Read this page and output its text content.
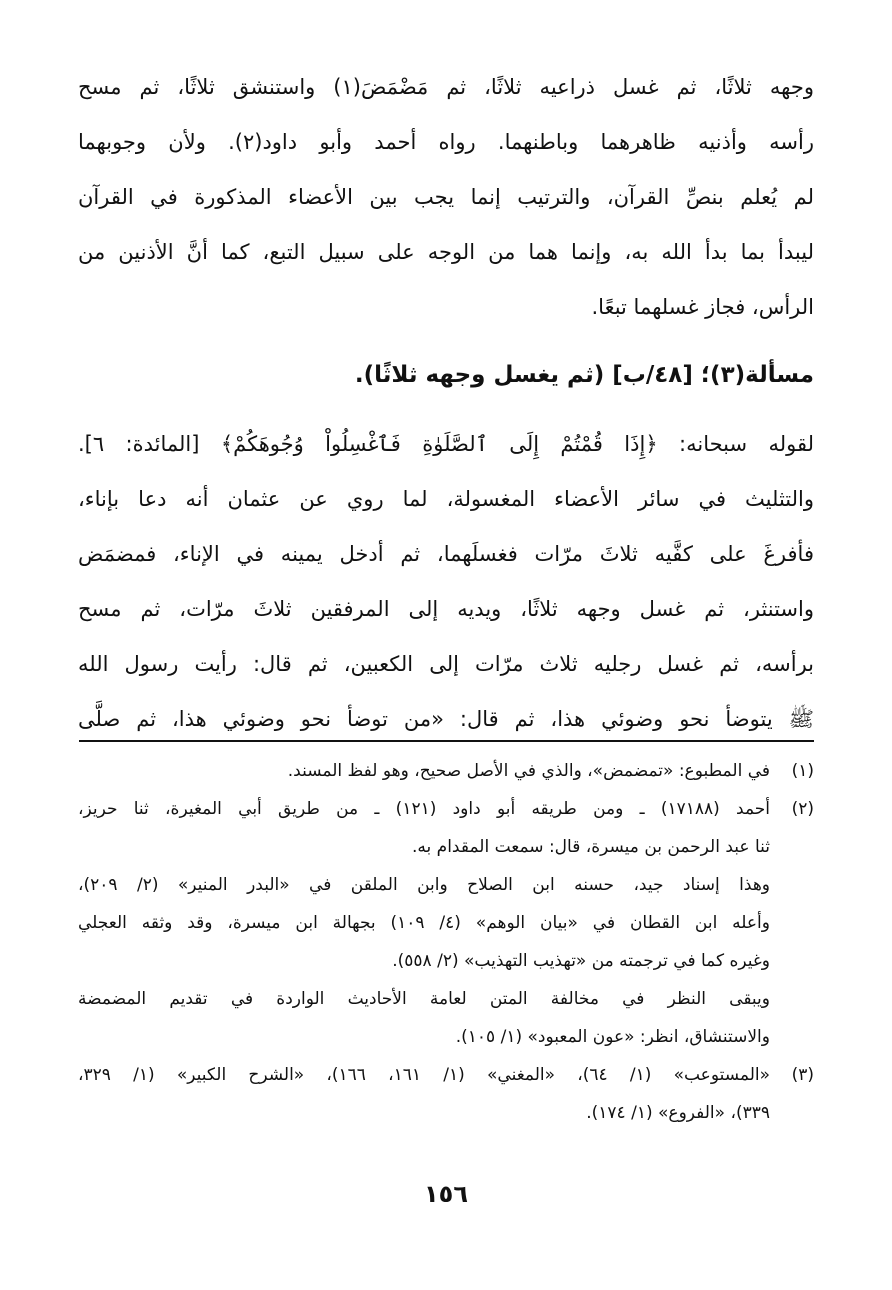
وجهه ثلاثًا، ثم غسل ذراعيه ثلاثًا، ثم مَضْمَضَ(١) واستنشق ثلاثًا، ثم مسح
رأسه وأذنيه ظاهرهما وباطنهما. رواه أحمد وأبو داود(٢). ولأن وجوبهما
لم يُعلم بنصِّ القرآن، والترتيب إنما يجب بين الأعضاء المذكورة في القرآن
ليبدأ بما بدأ الله به، وإنما هما من الوجه على سبيل التبع، كما أنَّ الأذنين من
الرأس، فجاز غسلهما تبعًا.
مسألة(٣)؛ [٤٨/ب] (ثم يغسل وجهه ثلاثًا).
لقوله سبحانه: ﴿إِذَا قُمْتُمْ إِلَى ٱلصَّلَوٰةِ فَٱغْسِلُواْ وُجُوهَكُمْ﴾ [المائدة: ٦].
والتثليث في سائر الأعضاء المغسولة، لما روي عن عثمان أنه دعا بإناء،
فأفرغَ على كفَّيه ثلاثَ مرّات فغسلَهما، ثم أدخل يمينه في الإناء، فمضمَض
واستنثر، ثم غسل وجهه ثلاثًا، ويديه إلى المرفقين ثلاثَ مرّات، ثم مسح
برأسه، ثم غسل رجليه ثلاث مرّات إلى الكعبين، ثم قال: رأيت رسول الله
ﷺ يتوضأ نحو وضوئي هذا، ثم قال: «من توضأ نحو وضوئي هذا، ثم صلَّى
(١)في المطبوع: «تمضمض»، والذي في الأصل صحيح، وهو لفظ المسند.
(٢)أحمد (١٧١٨٨) ـ ومن طريقه أبو داود (١٢١) ـ من طريق أبي المغيرة، ثنا حريز،
ثنا عبد الرحمن بن ميسرة، قال: سمعت المقدام به.
وهذا إسناد جيد، حسنه ابن الصلاح وابن الملقن في «البدر المنير» (٢/ ٢٠٩)،
وأعله ابن القطان في «بيان الوهم» (٤/ ١٠٩) بجهالة ابن ميسرة، وقد وثقه العجلي
وغيره كما في ترجمته من «تهذيب التهذيب» (٢/ ٥٥٨).
ويبقى النظر في مخالفة المتن لعامة الأحاديث الواردة في تقديم المضمضة
والاستنشاق، انظر: «عون المعبود» (١/ ١٠٥).
(٣)«المستوعب» (١/ ٦٤)، «المغني» (١/ ١٦١، ١٦٦)، «الشرح الكبير» (١/ ٣٢٩،
٣٣٩)، «الفروع» (١/ ١٧٤).
١٥٦
